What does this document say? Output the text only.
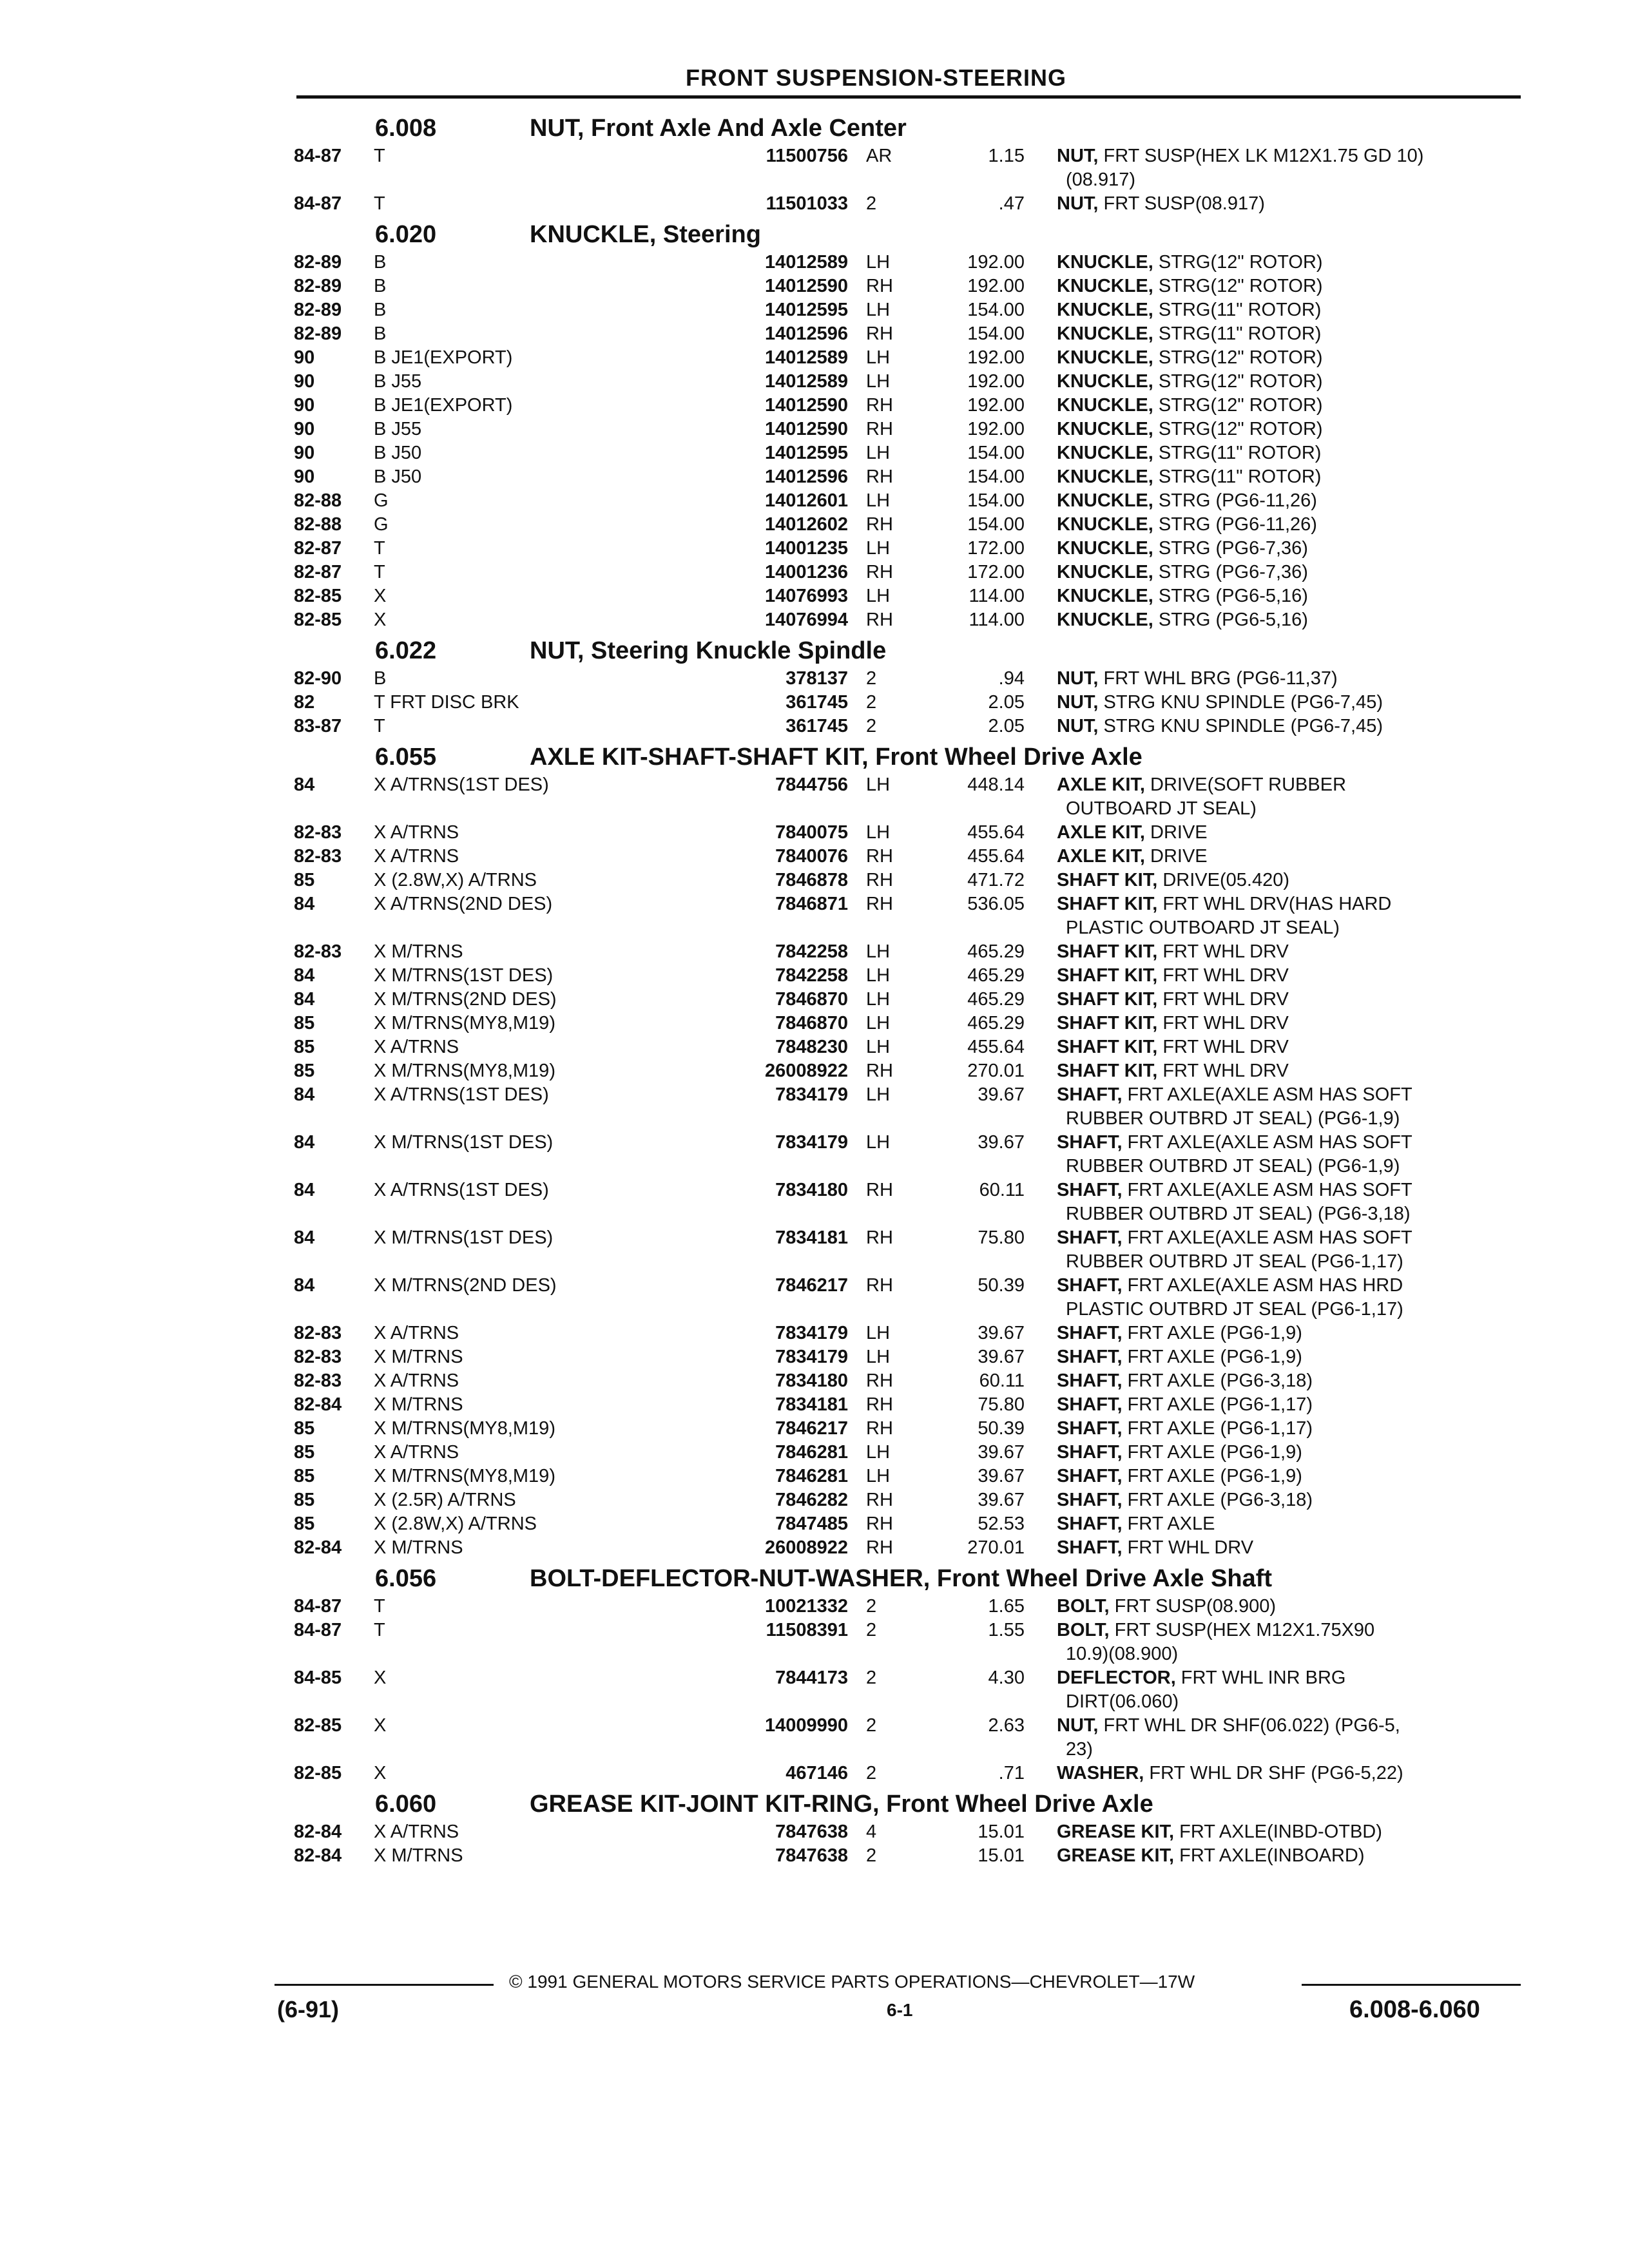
FRONT SUSPENSION-STEERING
6.008	NUT, Front Axle And Axle Center
84-87 T	11500756 AR	1.15 NUT, FRT SUSP(HEX LK M12X1.75 GD 10)
(08.917)
84-87 T	11501033 2	.47 NUT, FRT SUSP(08.917)
6.020	KNUCKLE, Steering
82-89 B	14012589 LH	192.00 KNUCKLE, STRG(12" ROTOR)
82-89 B	14012590 RH	192.00 KNUCKLE, STRG(12" ROTOR)
82-89 B	14012595 LH	154.00 KNUCKLE, STRG(11" ROTOR)
82-89 B	14012596 RH	154.00 KNUCKLE, STRG(11" ROTOR)
90	B JE1(EXPORT)	14012589 LH	192.00 KNUCKLE, STRG(12" ROTOR)
90	B J55	14012589 LH	192.00 KNUCKLE, STRG(12" ROTOR)
90	B JE1(EXPORT)	14012590 RH	192.00 KNUCKLE, STRG(12" ROTOR)
90	B J55	14012590 RH	192.00 KNUCKLE, STRG(12" ROTOR)
90	B J50	14012595 LH	154.00 KNUCKLE, STRG(11" ROTOR)
90	B J50	14012596 RH	154.00 KNUCKLE, STRG(11" ROTOR)
82-88 G	14012601 LH	154.00 KNUCKLE, STRG (PG6-11,26)
82-88 G	14012602 RH	154.00 KNUCKLE, STRG (PG6-11,26)
82-87 T	14001235 LH	172.00 KNUCKLE, STRG (PG6-7,36)
82-87 T	14001236 RH	172.00 KNUCKLE, STRG (PG6-7,36)
82-85 X	14076993 LH	114.00 KNUCKLE, STRG (PG6-5,16)
82-85 X	14076994 RH	114.00 KNUCKLE, STRG (PG6-5,16)
6.022	NUT, Steering Knuckle Spindle
82-90 B	378137 2	.94 NUT, FRT WHL BRG (PG6-11,37)
82	T FRT DISC BRK	361745 2	2.05 NUT, STRG KNU SPINDLE (PG6-7,45)
83-87 T	361745 2	2.05 NUT, STRG KNU SPINDLE (PG6-7,45)
6.055	AXLE KIT-SHAFT-SHAFT KIT, Front Wheel Drive Axle
84	X A/TRNS(1ST DES)	7844756 LH	448.14 AXLE KIT, DRIVE(SOFT RUBBER
OUTBOARD JT SEAL)
82-83 X A/TRNS	7840075 LH	455.64 AXLE KIT, DRIVE
82-83 X A/TRNS	7840076 RH	455.64 AXLE KIT, DRIVE
85	X (2.8W,X) A/TRNS	7846878 RH	471.72 SHAFT KIT, DRIVE(05.420)
84	X A/TRNS(2ND DES)	7846871 RH	536.05 SHAFT KIT, FRT WHL DRV(HAS HARD
PLASTIC OUTBOARD JT SEAL)
82-83 X M/TRNS	7842258 LH	465.29 SHAFT KIT, FRT WHL DRV
84	X M/TRNS(1ST DES)	7842258 LH	465.29 SHAFT KIT, FRT WHL DRV
84	X M/TRNS(2ND DES)	7846870 LH	465.29 SHAFT KIT, FRT WHL DRV
85	X M/TRNS(MY8,M19)	7846870 LH	465.29 SHAFT KIT, FRT WHL DRV
85	X A/TRNS	7848230 LH	455.64 SHAFT KIT, FRT WHL DRV
85	X M/TRNS(MY8,M19)	26008922 RH	270.01 SHAFT KIT, FRT WHL DRV
84	X A/TRNS(1ST DES)	7834179 LH	39.67 SHAFT, FRT AXLE(AXLE ASM HAS SOFT
RUBBER OUTBRD JT SEAL) (PG6-1,9)
84	X M/TRNS(1ST DES)	7834179 LH	39.67 SHAFT, FRT AXLE(AXLE ASM HAS SOFT
RUBBER OUTBRD JT SEAL) (PG6-1,9)
84	X A/TRNS(1ST DES)	7834180 RH	60.11 SHAFT, FRT AXLE(AXLE ASM HAS SOFT
RUBBER OUTBRD JT SEAL) (PG6-3,18)
84	X M/TRNS(1ST DES)	7834181 RH	75.80 SHAFT, FRT AXLE(AXLE ASM HAS SOFT
RUBBER OUTBRD JT SEAL (PG6-1,17)
84	X M/TRNS(2ND DES)	7846217 RH	50.39 SHAFT, FRT AXLE(AXLE ASM HAS HRD
PLASTIC OUTBRD JT SEAL (PG6-1,17)
82-83 X A/TRNS	7834179 LH	39.67 SHAFT, FRT AXLE (PG6-1,9)
82-83 X M/TRNS	7834179 LH	39.67 SHAFT, FRT AXLE (PG6-1,9)
82-83 X A/TRNS	7834180 RH	60.11 SHAFT, FRT AXLE (PG6-3,18)
82-84 X M/TRNS	7834181 RH	75.80 SHAFT, FRT AXLE (PG6-1,17)
85	X M/TRNS(MY8,M19)	7846217 RH	50.39 SHAFT, FRT AXLE (PG6-1,17)
85	X A/TRNS	7846281 LH	39.67 SHAFT, FRT AXLE (PG6-1,9)
85	X M/TRNS(MY8,M19)	7846281 LH	39.67 SHAFT, FRT AXLE (PG6-1,9)
85	X (2.5R) A/TRNS	7846282 RH	39.67 SHAFT, FRT AXLE (PG6-3,18)
85	X (2.8W,X) A/TRNS	7847485 RH	52.53 SHAFT, FRT AXLE
82-84 X M/TRNS	26008922 RH	270.01 SHAFT, FRT WHL DRV
6.056	BOLT-DEFLECTOR-NUT-WASHER, Front Wheel Drive Axle Shaft
84-87 T	10021332 2	1.65 BOLT, FRT SUSP(08.900)
84-87 T	11508391 2	1.55 BOLT, FRT SUSP(HEX M12X1.75X90
10.9)(08.900)
84-85 X	7844173 2	4.30 DEFLECTOR, FRT WHL INR BRG
DIRT(06.060)
82-85 X	14009990 2	2.63 NUT, FRT WHL DR SHF(06.022) (PG6-5,
23)
82-85 X	467146 2	.71 WASHER, FRT WHL DR SHF (PG6-5,22)
6.060	GREASE KIT-JOINT KIT-RING, Front Wheel Drive Axle
82-84 X A/TRNS	7847638 4	15.01 GREASE KIT, FRT AXLE(INBD-OTBD)
82-84 X M/TRNS	7847638 2	15.01 GREASE KIT, FRT AXLE(INBOARD)
© 1991 GENERAL MOTORS SERVICE PARTS OPERATIONS—CHEVROLET—17W
(6-91)	6-1	6.008-6.060
